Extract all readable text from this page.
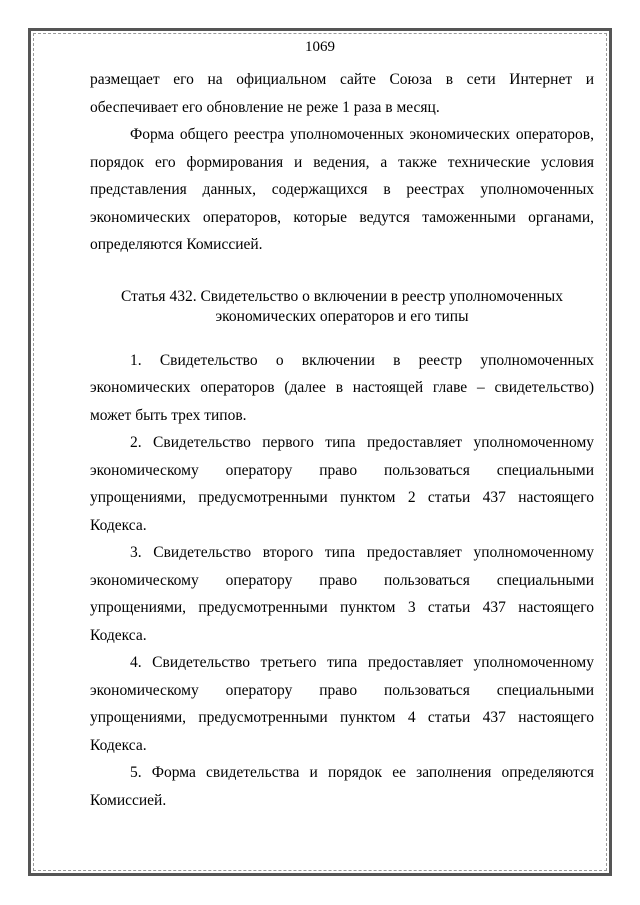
1069

размещает его на официальном сайте Союза в сети Интернет и обеспечивает его обновление не реже 1 раза в месяц.

Форма общего реестра уполномоченных экономических операторов, порядок его формирования и ведения, а также технические условия представления данных, содержащихся в реестрах уполномоченных экономических операторов, которые ведутся таможенными органами, определяются Комиссией.

Статья 432. Свидетельство о включении в реестр уполномоченных
экономических операторов и его типы

1. Свидетельство о включении в реестр уполномоченных экономических операторов (далее в настоящей главе – свидетельство) может быть трех типов.

2. Свидетельство первого типа предоставляет уполномоченному экономическому оператору право пользоваться специальными упрощениями, предусмотренными пунктом 2 статьи 437 настоящего Кодекса.

3. Свидетельство второго типа предоставляет уполномоченному экономическому оператору право пользоваться специальными упрощениями, предусмотренными пунктом 3 статьи 437 настоящего Кодекса.

4. Свидетельство третьего типа предоставляет уполномоченному экономическому оператору право пользоваться специальными упрощениями, предусмотренными пунктом 4 статьи 437 настоящего Кодекса.

5. Форма свидетельства и порядок ее заполнения определяются Комиссией.
